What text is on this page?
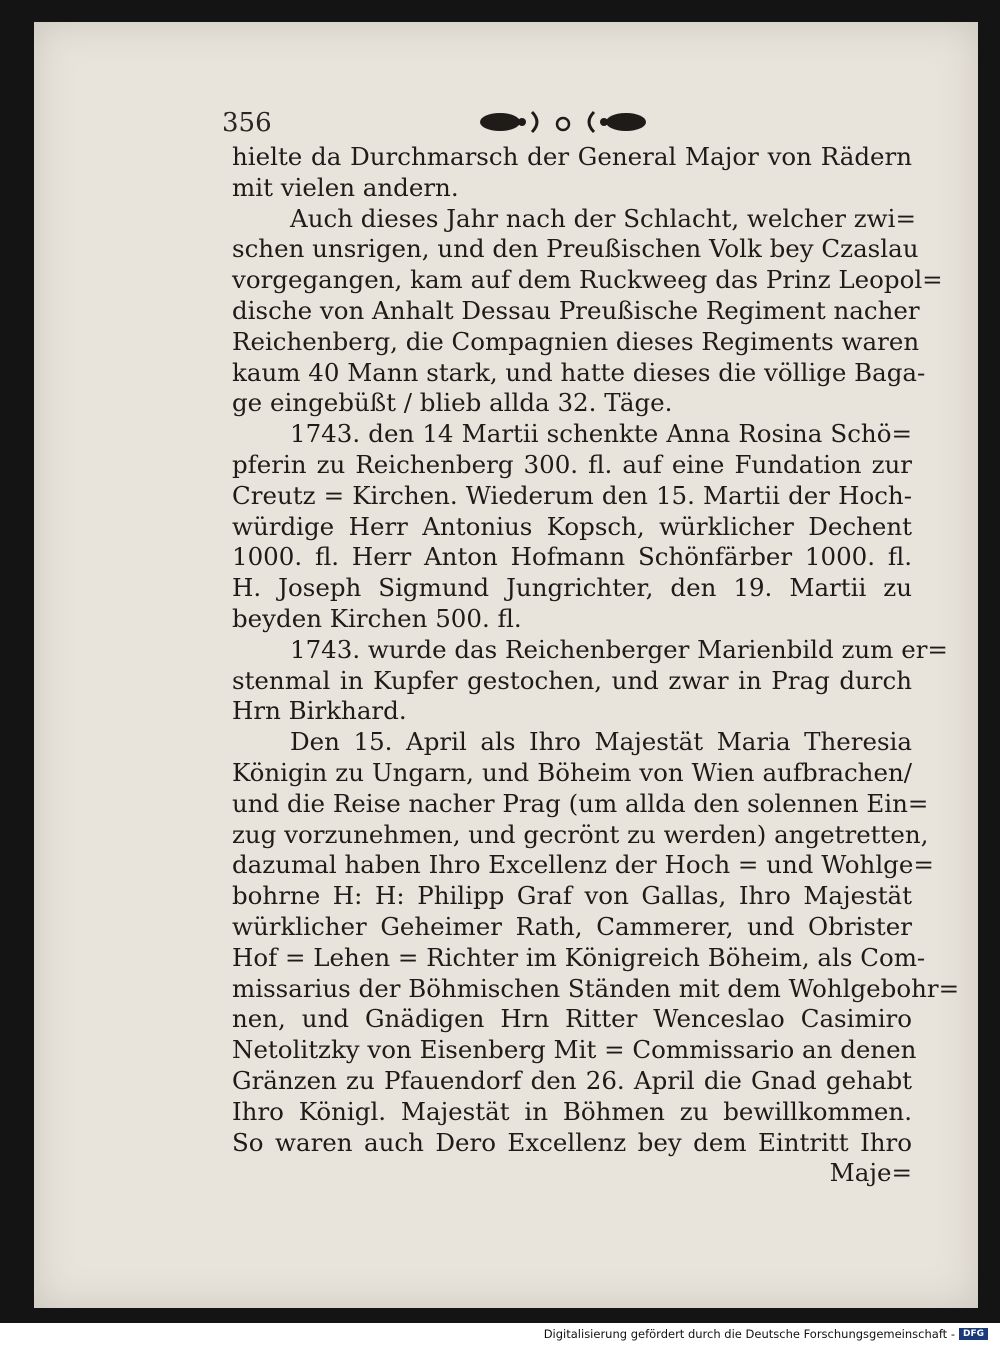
356
hielte da Durchmarsch der General Major von Rädern
mit vielen andern.
Auch dieses Jahr nach der Schlacht, welcher zwi=
schen unsrigen, und den Preußischen Volk bey Czaslau
vorgegangen, kam auf dem Ruckweeg das Prinz Leopol=
dische von Anhalt Dessau Preußische Regiment nacher
Reichenberg, die Compagnien dieses Regiments waren
kaum 40 Mann stark, und hatte dieses die völlige Baga-
ge eingebüßt / blieb allda 32. Täge.
1743. den 14 Martii schenkte Anna Rosina Schö=
pferin zu Reichenberg 300. fl. auf eine Fundation zur
Creutz = Kirchen. Wiederum den 15. Martii der Hoch-
würdige Herr Antonius Kopsch, würklicher Dechent
1000. fl. Herr Anton Hofmann Schönfärber 1000. fl.
H. Joseph Sigmund Jungrichter, den 19. Martii zu
beyden Kirchen 500. fl.
1743. wurde das Reichenberger Marienbild zum er=
stenmal in Kupfer gestochen, und zwar in Prag durch
Hrn Birkhard.
Den 15. April als Ihro Majestät Maria Theresia
Königin zu Ungarn, und Böheim von Wien aufbrachen/
und die Reise nacher Prag (um allda den solennen Ein=
zug vorzunehmen, und gecrönt zu werden) angetretten,
dazumal haben Ihro Excellenz der Hoch = und Wohlge=
bohrne H: H: Philipp Graf von Gallas, Ihro Majestät
würklicher Geheimer Rath, Cammerer, und Obrister
Hof = Lehen = Richter im Königreich Böheim, als Com-
missarius der Böhmischen Ständen mit dem Wohlgebohr=
nen, und Gnädigen Hrn Ritter Wenceslao Casimiro
Netolitzky von Eisenberg Mit = Commissario an denen
Gränzen zu Pfauendorf den 26. April die Gnad gehabt
Ihro Königl. Majestät in Böhmen zu bewillkommen.
So waren auch Dero Excellenz bey dem Eintritt Ihro
Maje=
Digitalisierung gefördert durch die Deutsche Forschungsgemeinschaft - DFG
